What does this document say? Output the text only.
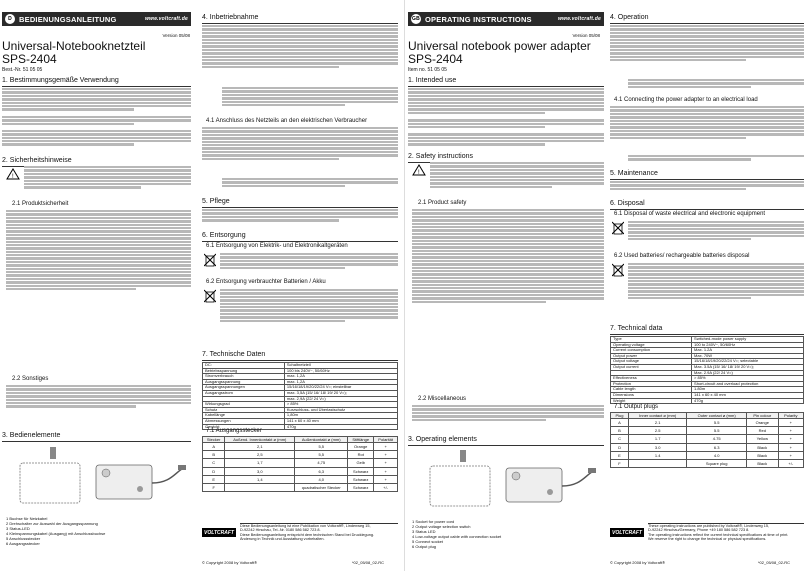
D BEDIENUNGSANLEITUNG	www.voltcraft.de
Version 05/08
Universal-Notebooknetzteil
SPS-2404
Best.-Nr. 51 05 05
1. Bestimmungsgemäße Verwendung
2. Sicherheitshinweise
!
2.1 Produktsicherheit
2.2 Sonstiges
3. Bedienelemente
1 Buchse für Netzkabel
2 Drehschalter zur Auswahl der Ausgangsspannung
3 Status-LED
4 Kleinspannungskabel (Ausgang) mit Anschlussbuchse
5 Anschlussstecker
6 Ausgangsstecker
4. Inbetriebnahme
4.1 Anschluss des Netzteils an den elektrischen Verbraucher
5. Pflege
6. Entsorgung
6.1 Entsorgung von Elektrik- und Elektronikaltgeräten
6.2 Entsorgung verbrauchter Batterien / Akku
7. Technische Daten
DC:	Schaltnetzteil
Betriebsspannung	100 bis 240V~, 50/60Hz
Stromverbrauch	max. 1,2A
Ausgangsspannung	max. 1,2A
Ausgangsspannungen	15/16/18/19/20/22/24 V=; einstellbar
Ausgangsstrom	max. 3,5A (15/ 16/ 18/ 19/ 20 V=);
	max. 2,9A (22/ 24 V=)
Wirkungsgrad	> 85%
Schutz	Kurzschluss- und Überlastschutz
Kabellänge	1,80m
Abmessungen	141 x 60 x 40 mm
Gewicht	470g
7.1 Ausgangsstecker
Stecker	Außend. Innenkontakt ø (mm)	Außenkontakt ø (mm)	Stiftlänge	Polarität
A	2,1	5,5	Orange	+
B	2,5	5,5	Rot	+
C	1,7	4,75	Gelb	+
D	3,0	6,3	Schwarz	+
E	1,4	4,0	Schwarz	+
F		quadratischer Stecker	Schwarz	+/-
VOLTCRAFT
Diese Bedienungsanleitung ist eine Publikation von Voltcraft®, Lindenweg 15,
D-92242 Hirschau, Tel.-Nr. 0180 586 582 723 8.
Diese Bedienungsanleitung entspricht dem technischen Stand bei Drucklegung.
Änderung in Technik und Ausstattung vorbehalten.
© Copyright 2008 by Voltcraft®	*02_05/08_02-RC
GB OPERATING INSTRUCTIONS	www.voltcraft.de
Version 05/08
Universal notebook power adapter
SPS-2404
Item no. 51 05 05
1. Intended use
2. Safety instructions
!
2.1 Product safety
2.2 Miscellaneous
3. Operating elements
1 Socket for power cord
2 Output voltage selection switch
3 Status LED
4 Low-voltage output cable with connection socket
5 Connect socket
6 Output plug
4. Operation
4.1 Connecting the power adapter to an electrical load
5. Maintenance
6. Disposal
6.1 Disposal of waste electrical and electronic equipment
6.2 Used batteries/ rechargeable batteries disposal
7. Technical data
Type	Switched-mode power supply
Operating voltage	100 to 240V~, 50/60Hz
Current consumption	Max. 1.2A
Output power	Max. 70W
Output voltage	15/16/18/19/20/22/24 V=; selectable
Output current	Max. 3.5A (15/ 16/ 18/ 19/ 20 V=);
	Max. 2.9A (22/ 24 V=)
Effectiveness	> 85%
Protection	Short-circuit and overload protection
Cable length	1.80m
Dimensions	141 x 60 x 40 mm
Weight	470g
7.1 Output plugs
Plug	Inner contact ø (mm)	Outer contact ø (mm)	Pin colour	Polarity
A	2.1	5.5	Orange	+
B	2.5	5.5	Red	+
C	1.7	4.75	Yellow	+
D	3.0	6.3	Black	+
E	1.4	4.0	Black	+
F		Square plug	Black	+/-
VOLTCRAFT
These operating instructions are published by Voltcraft®, Lindenweg 15,
D-92242 Hirschau/Germany, Phone +49 180 586 582 723 8.
The operating instructions reflect the current technical specifications at time of print.
We reserve the right to change the technical or physical specifications.
© Copyright 2008 by Voltcraft®	*02_05/08_02-RC
